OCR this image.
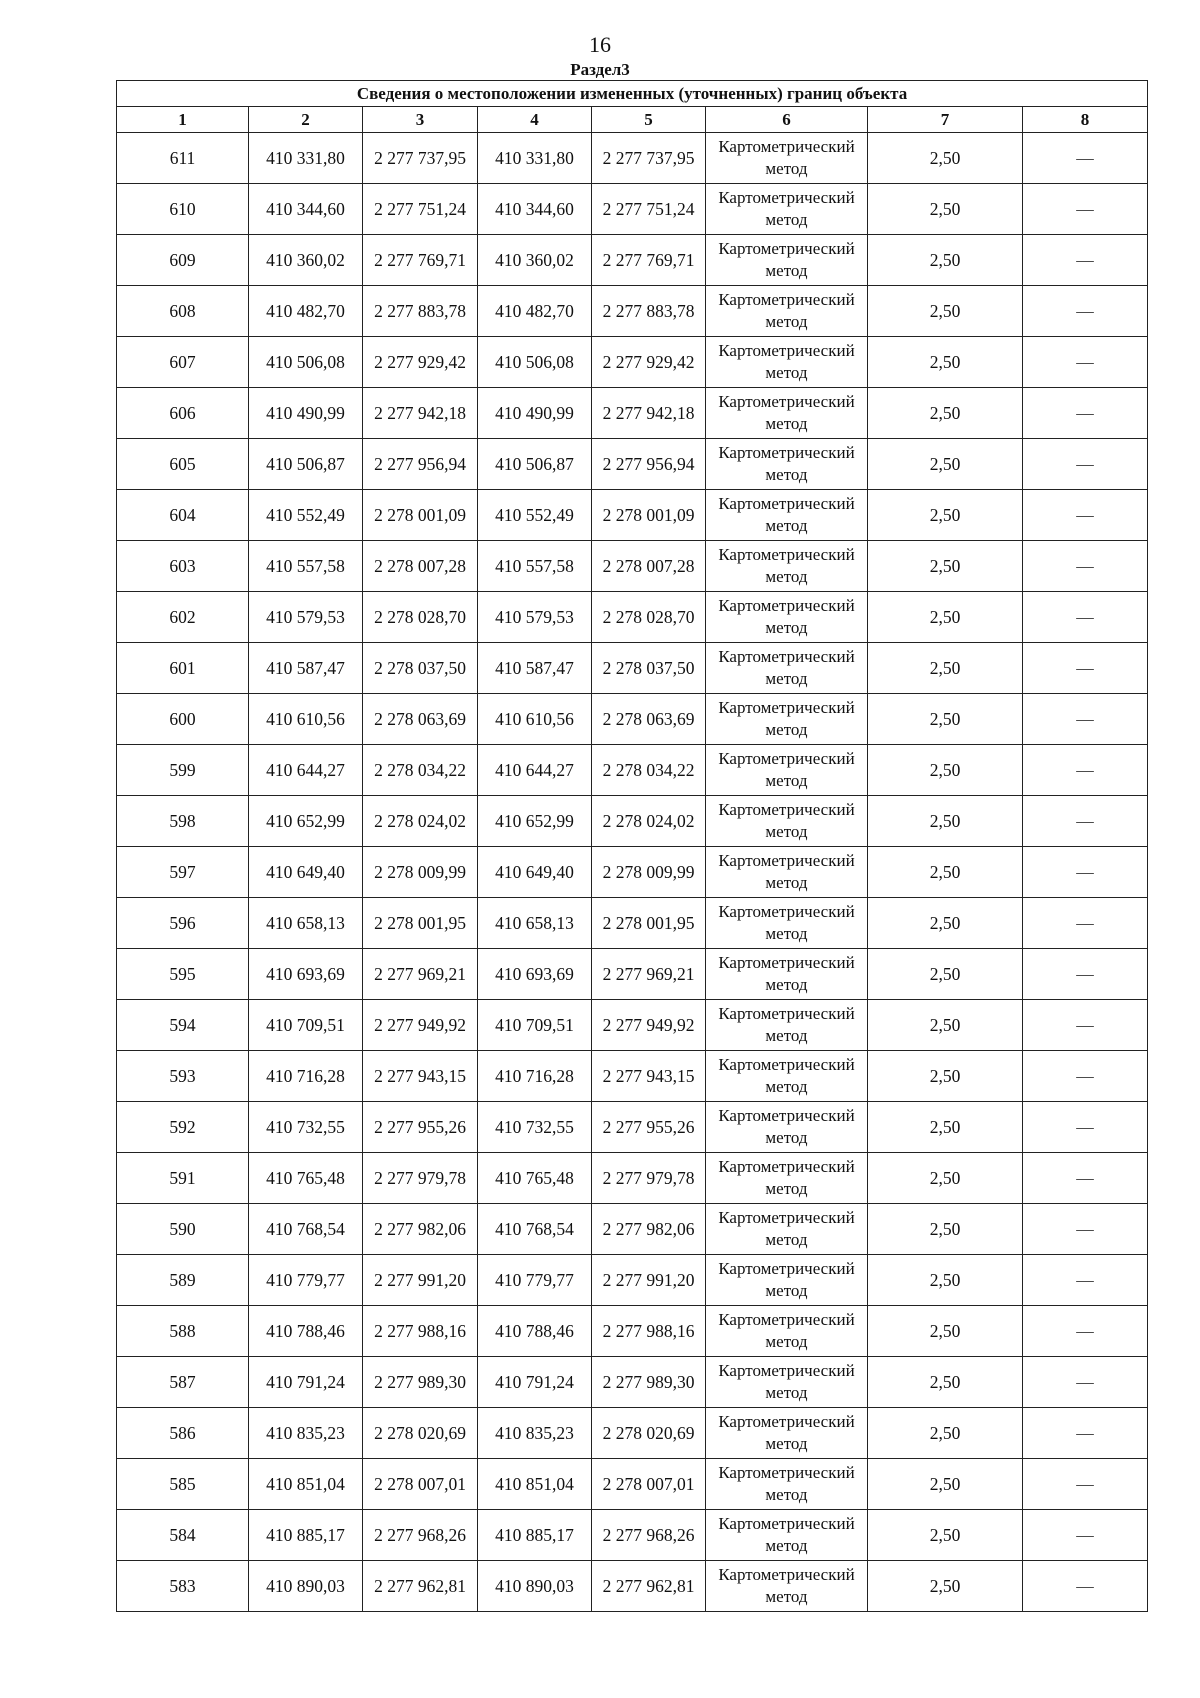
16
Раздел3
Сведения о местоположении измененных (уточненных) границ объекта							
1	2	3	4	5	6	7	8
611	410 331,80	2 277 737,95	410 331,80	2 277 737,95	Картометрический метод	2,50	—
610	410 344,60	2 277 751,24	410 344,60	2 277 751,24	Картометрический метод	2,50	—
609	410 360,02	2 277 769,71	410 360,02	2 277 769,71	Картометрический метод	2,50	—
608	410 482,70	2 277 883,78	410 482,70	2 277 883,78	Картометрический метод	2,50	—
607	410 506,08	2 277 929,42	410 506,08	2 277 929,42	Картометрический метод	2,50	—
606	410 490,99	2 277 942,18	410 490,99	2 277 942,18	Картометрический метод	2,50	—
605	410 506,87	2 277 956,94	410 506,87	2 277 956,94	Картометрический метод	2,50	—
604	410 552,49	2 278 001,09	410 552,49	2 278 001,09	Картометрический метод	2,50	—
603	410 557,58	2 278 007,28	410 557,58	2 278 007,28	Картометрический метод	2,50	—
602	410 579,53	2 278 028,70	410 579,53	2 278 028,70	Картометрический метод	2,50	—
601	410 587,47	2 278 037,50	410 587,47	2 278 037,50	Картометрический метод	2,50	—
600	410 610,56	2 278 063,69	410 610,56	2 278 063,69	Картометрический метод	2,50	—
599	410 644,27	2 278 034,22	410 644,27	2 278 034,22	Картометрический метод	2,50	—
598	410 652,99	2 278 024,02	410 652,99	2 278 024,02	Картометрический метод	2,50	—
597	410 649,40	2 278 009,99	410 649,40	2 278 009,99	Картометрический метод	2,50	—
596	410 658,13	2 278 001,95	410 658,13	2 278 001,95	Картометрический метод	2,50	—
595	410 693,69	2 277 969,21	410 693,69	2 277 969,21	Картометрический метод	2,50	—
594	410 709,51	2 277 949,92	410 709,51	2 277 949,92	Картометрический метод	2,50	—
593	410 716,28	2 277 943,15	410 716,28	2 277 943,15	Картометрический метод	2,50	—
592	410 732,55	2 277 955,26	410 732,55	2 277 955,26	Картометрический метод	2,50	—
591	410 765,48	2 277 979,78	410 765,48	2 277 979,78	Картометрический метод	2,50	—
590	410 768,54	2 277 982,06	410 768,54	2 277 982,06	Картометрический метод	2,50	—
589	410 779,77	2 277 991,20	410 779,77	2 277 991,20	Картометрический метод	2,50	—
588	410 788,46	2 277 988,16	410 788,46	2 277 988,16	Картометрический метод	2,50	—
587	410 791,24	2 277 989,30	410 791,24	2 277 989,30	Картометрический метод	2,50	—
586	410 835,23	2 278 020,69	410 835,23	2 278 020,69	Картометрический метод	2,50	—
585	410 851,04	2 278 007,01	410 851,04	2 278 007,01	Картометрический метод	2,50	—
584	410 885,17	2 277 968,26	410 885,17	2 277 968,26	Картометрический метод	2,50	—
583	410 890,03	2 277 962,81	410 890,03	2 277 962,81	Картометрический метод	2,50	—
